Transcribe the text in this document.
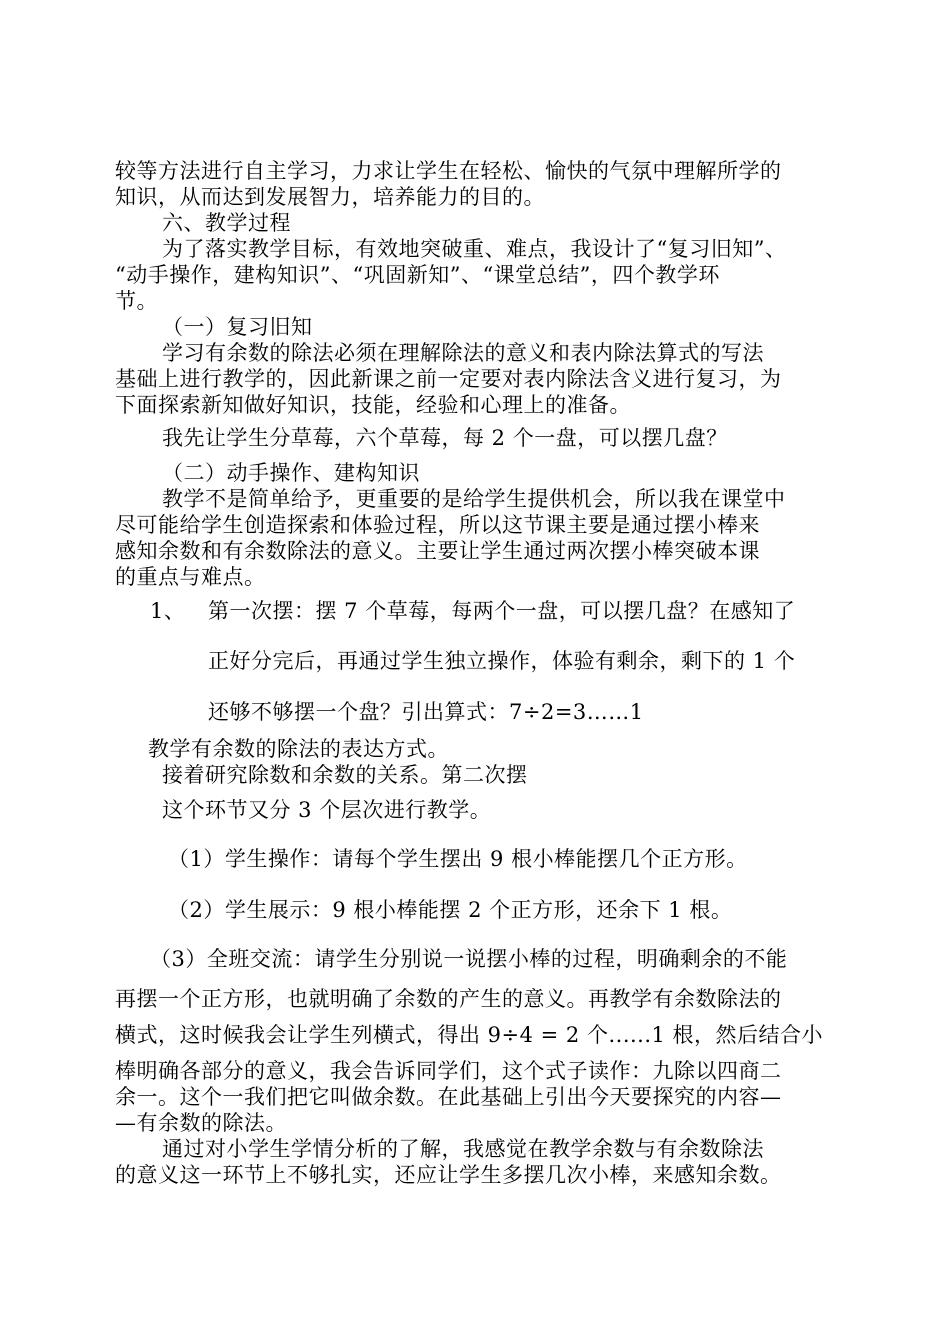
较等方法进行自主学习，力求让学生在轻松、愉快的气氛中理解所学的
知识，从而达到发展智力，培养能力的目的。
六、教学过程
为了落实教学目标，有效地突破重、难点，我设计了“复习旧知”、
“动手操作，建构知识”、“巩固新知”、“课堂总结”，四个教学环
节。
（一）复习旧知
学习有余数的除法必须在理解除法的意义和表内除法算式的写法
基础上进行教学的，因此新课之前一定要对表内除法含义进行复习，为
下面探索新知做好知识，技能，经验和心理上的准备。
我先让学生分草莓，六个草莓，每 2 个一盘，可以摆几盘？
（二）动手操作、建构知识
教学不是简单给予，更重要的是给学生提供机会，所以我在课堂中
尽可能给学生创造探索和体验过程，所以这节课主要是通过摆小棒来
感知余数和有余数除法的意义。主要让学生通过两次摆小棒突破本课
的重点与难点。
1、 第一次摆：摆 7 个草莓，每两个一盘，可以摆几盘？在感知了
正好分完后，再通过学生独立操作，体验有剩余，剩下的 1 个
还够不够摆一个盘？引出算式：7÷2=3……1
教学有余数的除法的表达方式。
接着研究除数和余数的关系。第二次摆
这个环节又分 3 个层次进行教学。
（1）学生操作：请每个学生摆出 9 根小棒能摆几个正方形。
（2）学生展示：9 根小棒能摆 2 个正方形，还余下 1 根。
（3）全班交流：请学生分别说一说摆小棒的过程，明确剩余的不能
再摆一个正方形，也就明确了余数的产生的意义。再教学有余数除法的
横式，这时候我会让学生列横式，得出 9÷4 = 2 个......1 根，然后结合小
棒明确各部分的意义，我会告诉同学们，这个式子读作：九除以四商二
余一。这个一我们把它叫做余数。在此基础上引出今天要探究的内容—
—有余数的除法。
通过对小学生学情分析的了解，我感觉在教学余数与有余数除法
的意义这一环节上不够扎实，还应让学生多摆几次小棒，来感知余数。
